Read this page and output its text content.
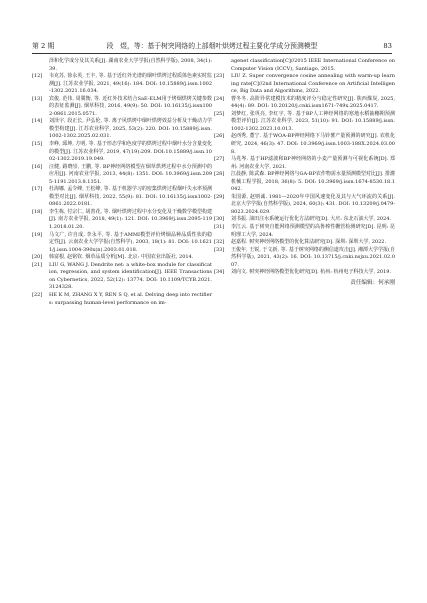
第 2 期	段　煜，等：基于树突网络的上部烟叶烘烤过程主要化学成分预测模型	83
泽和化学成分及其关系[J]. 湖南农业大学学报(自然科学版), 2008, 34(1): 39.
[12] 韦克苏, 徐永英, 王丰, 等. 基于近红外光谱的烟叶烘烤过程质体色素实时监测[J]. 江苏农业学报, 2021, 49(16): 184. DOI: 10.15889/j.issn.1002-1302.2021.16.034.
[13] 宾俊, 范伟, 周冀衡, 等. 近红外技术结合SaE-ELM用于烤烟烘烤关键参数的表征监测[J]. 烟草科技, 2016, 49(9): 50. DOI: 10.16135/j.issn1002-0861.2015.0571.
[14] 刘泽宇, 段正长, 尹弘伦, 等. 离子风烘烤中烟叶烘烤效益分析及干燥动力学模型构建[J]. 江苏农业科学, 2025, 53(2): 220. DOI: 10.15889/j.issn.1002-1302.2025.02.031.
[15] 李峥, 邱坤, 方明, 等. 基于形态学和色度学的烘烤过程中烟叶水分含量变化的模型[J]. 江苏农业科学, 2019, 47(19):209. DOI:10.15889/j.issn.1002-1302.2019.19.049.
[16] 汪健, 路晓崇, 王鹏, 等. BP神经网络模型在烟草烘烤过程中水分预测中的应用[J]. 河南农业学报, 2013, 44(8): 1351. DOI: 10.3969/j.issn.2095-1191.2013.8.1351.
[17] 杜海娜, 孟令峰, 王松峰, 等. 基于机器学习的密集烘烤过程烟叶失水率预测模型对比[J]. 烟草科技, 2022, 55(9): 81. DOI: 10.16135/j.issn1002-0861.2022.0181.
[18] 李生栋, 付宗仁, 胡善花, 等. 烟叶烘烤过程中水分变化及干燥数学模型构建[J]. 南方农业学报, 2018, 49(1): 121. DOI: 10.3969/j.issn.2095-1191.2018.01.20.
[19] 马文广, 许自成, 李永平, 等. 基于AMMI模型评价烤烟品种品质性状的稳定性[J]. 云南农业大学学报(自然科学), 2003, 18(1): 81. DOI: 10.16211/j.issn.1004-390x(n).2003.01.018.
[20] 韩富根, 赵铭钦. 烟草品质分析[M]. 北京: 中国农业出版社, 2014.
[21] LIU G, WANG J. Dendrite net: a white-box module for classification, regression, and system identification[J]. IEEE Transactions on Cybernetics, 2022, 52(12): 13774. DOI: 10.1109/TCYB.2021.3124328.
[22] HE K M, ZHANG X Y, REN S Q, et al. Delving deep into rectifiers: surpassing human-level performance on im-
agenet classification[C]//2015 IEEE International Conference on Computer Vision (ICCV), Santiago, 2015.
[23] LIU Z. Super convergence cosine annealing with warm-up learning rate[C]//2nd International Conference on Artificial Intelligence, Big Data and Algorithms, 2022.
[24] 曹冬冬. 高阶异常建模技术的精度评分与稳定性研究[J]. 陕西煤炭, 2025, 44(4): 89. DOI: 10.20120/j.cnki.issn1671-749x.2025.0417.
[25] 刘梦红, 张巩亮, 李红宇, 等. 基于BP人工神经网络的寒地水稻抽穗期预测模型评价[J]. 江苏农业科学, 2023, 51(10): 91. DOI: 10.15889/j.issn.1002-1302.2023.10.013.
[26] 赵西秀, 董宁. 基于WOA-BP神经网络下马铃薯产量预测的研究[J]. 农机化研究, 2024, 46(3): 47. DOI: 10.3969/j.issn.1003-188X.2024.03.008.
[27] 马兆岑. 基于HP滤波和BP神经网络的小麦产量预测与可视化系统[D]. 郑州: 河南农业大学, 2021.
[28] 江晨静, 陈武森. BP神经网络与GA-BP农作物需水量预测模型对比[J]. 排灌机械工程学报, 2018, 36(8): 5. DOI: 10.3969/j.issn.1674-8530.18.1042.
[29] 朱国源, 赵则诚. 1981—2020年中国风速变化及其与大气环流的关系[J]. 北京大学学报(自然科学版), 2024, 60(3): 431. DOI: 10.13209/j.0479-8023.2024.029.
[30] 刘书振. 油田注水系统运行优化方法研究[D]. 大庆: 东北石油大学, 2024.
[31] 李江云. 基于树突自能网络预测模型的高鲁棒性栅管检测研究[D]. 昆明: 昆明理工大学, 2024.
[32] 赵嘉程. 树突神经网络模型的优化算法研究[D]. 深圳: 深圳大学, 2022.
[33] 王俊年, 王锐, 于文新, 等. 基于树突网络的侧信道攻击[J]. 湘潭大学学报(自然科学版), 2021, 43(2): 16. DOI: 10.13715/j.cnki.nsjxu.2021.02.007.
[34] 刘向文. 树突神经网络模型优化研究[D]. 杭州: 杭州电子科技大学, 2019.
责任编辑：何承刚
